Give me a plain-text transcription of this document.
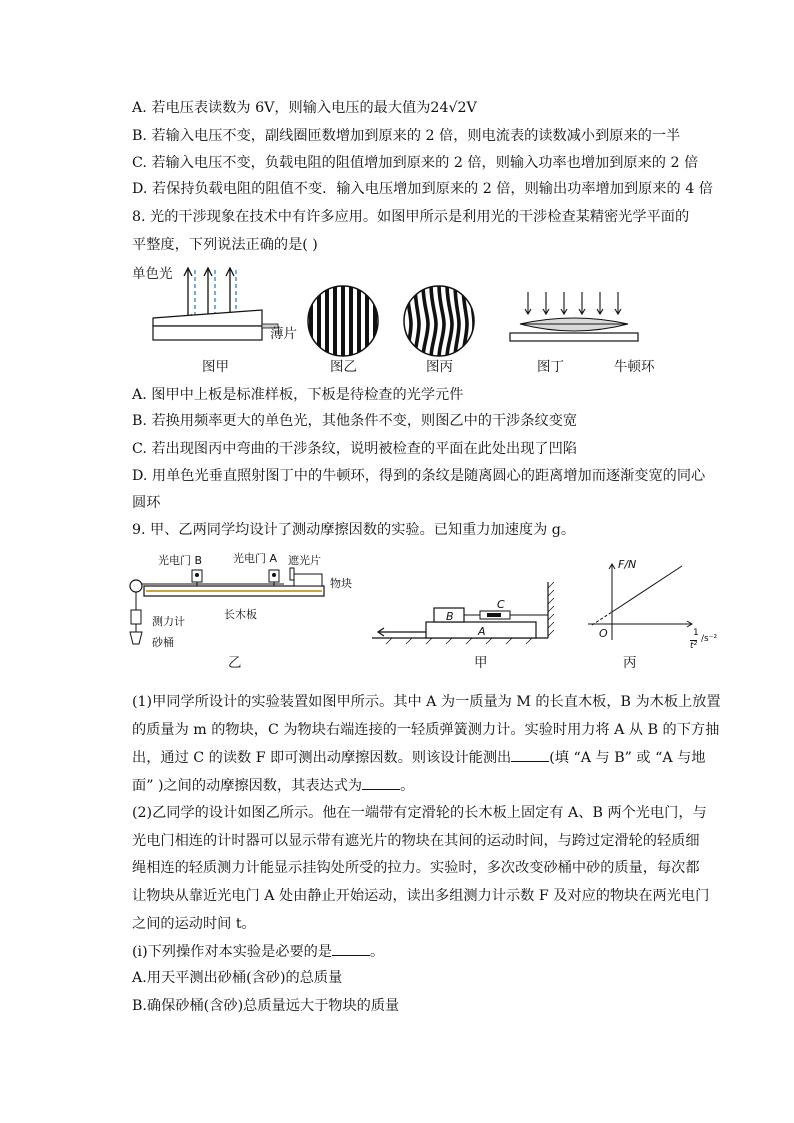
A. 若电压表读数为 6V，则输入电压的最大值为24√2V
B. 若输入电压不变，副线圈匝数增加到原来的 2 倍，则电流表的读数减小到原来的一半
C. 若输入电压不变，负载电阻的阻值增加到原来的 2 倍，则输入功率也增加到原来的 2 倍
D. 若保持负载电阻的阻值不变．输入电压增加到原来的 2 倍，则输出功率增加到原来的 4 倍
8. 光的干涉现象在技术中有许多应用。如图甲所示是利用光的干涉检查某精密光学平面的
平整度，下列说法正确的是( )
单色光
薄片
图甲	图乙	图丙	图丁	牛顿环
A. 图甲中上板是标准样板，下板是待检查的光学元件
B. 若换用频率更大的单色光，其他条件不变，则图乙中的干涉条纹变宽
C. 若出现图丙中弯曲的干涉条纹，说明被检查的平面在此处出现了凹陷
D. 用单色光垂直照射图丁中的牛顿环，得到的条纹是随离圆心的距离增加而逐渐变宽的同心
圆环
9. 甲、乙两同学均设计了测动摩擦因数的实验。已知重力加速度为 g。
光电门 B	光电门 A 遮光片
物块
长木板
测力计
砂桶
乙
B
C
A
甲
F/N
O	1
t²
/s⁻²
丙
(1)甲同学所设计的实验装置如图甲所示。其中 A 为一质量为 M 的长直木板，B 为木板上放置
的质量为 m 的物块，C 为物块右端连接的一轻质弹簧测力计。实验时用力将 A 从 B 的下方抽
出，通过 C 的读数 F 即可测出动摩擦因数。则该设计能测出	(填 “A 与 B” 或 “A 与地
面” )之间的动摩擦因数，其表达式为	。
(2)乙同学的设计如图乙所示。他在一端带有定滑轮的长木板上固定有 A、B 两个光电门，与
光电门相连的计时器可以显示带有遮光片的物块在其间的运动时间，与跨过定滑轮的轻质细
绳相连的轻质测力计能显示挂钩处所受的拉力。实验时，多次改变砂桶中砂的质量，每次都
让物块从靠近光电门 A 处由静止开始运动，读出多组测力计示数 F 及对应的物块在两光电门
之间的运动时间 t。
(i)下列操作对本实验是必要的是	。
A.用天平测出砂桶(含砂)的总质量
B.确保砂桶(含砂)总质量远大于物块的质量
